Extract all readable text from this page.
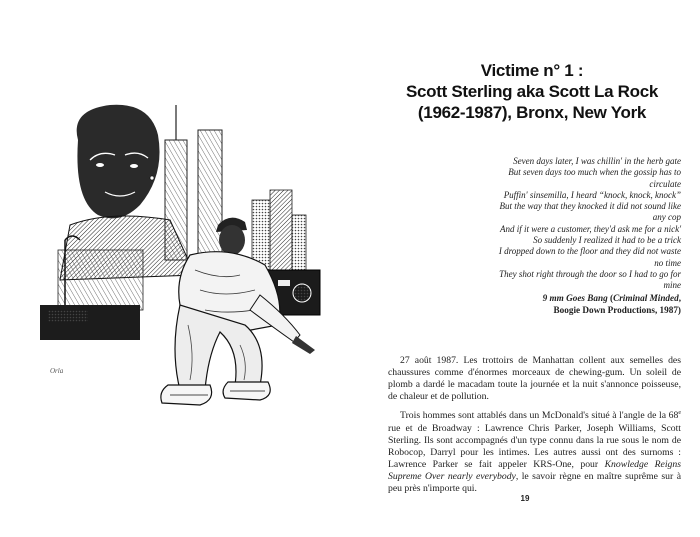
Orla
Victime n° 1 :
Scott Sterling aka Scott La Rock
(1962-1987), Bronx, New York
Seven days later, I was chillin' in the herb gate
But seven days too much when the gossip has to
circulate
Puffin' sinsemilla, I heard “knock, knock, knock”
But the way that they knocked it did not sound like
any cop
And if it were a customer, they'd ask me for a nick'
So suddenly I realized it had to be a trick
I dropped down to the floor and they did not waste
no time
They shot right through the door so I had to go for
mine
9 mm Goes Bang (Criminal Minded,
Boogie Down Productions, 1987)

27 août 1987. Les trottoirs de Manhattan collent aux semelles des chaussures comme d'énormes morceaux de chewing-gum. Un soleil de plomb a dardé le macadam toute la journée et la nuit s'annonce poisseuse, de chaleur et de pollution.

Trois hommes sont attablés dans un McDonald's situé à l'angle de la 68e rue et de Broadway : Lawrence Chris Parker, Joseph Williams, Scott Sterling. Ils sont accompagnés d'un type connu dans la rue sous le nom de Robocop, Darryl pour les intimes. Les autres aussi ont des surnoms : Lawrence Parker se fait appeler KRS-One, pour Knowledge Reigns Supreme Over nearly everybody, le savoir règne en maître suprême sur à peu près n'importe qui.

19
